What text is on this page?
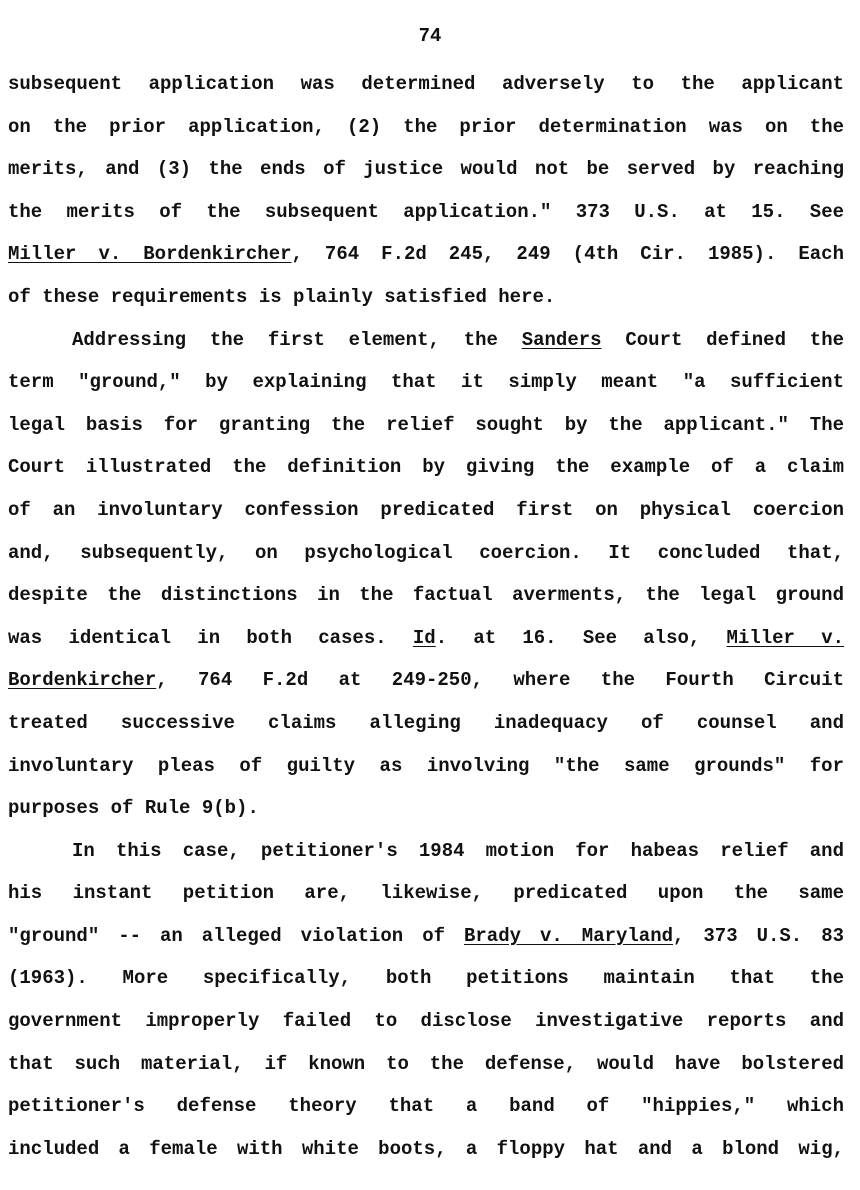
74
subsequent application was determined adversely to the applicant
on the prior application, (2) the prior determination was on the
merits, and (3) the ends of justice would not be served by reaching
the merits of the subsequent application." 373 U.S. at 15. See
Miller v. Bordenkircher, 764 F.2d 245, 249 (4th Cir. 1985). Each
of these requirements is plainly satisfied here.
Addressing the first element, the Sanders Court defined the
term "ground," by explaining that it simply meant "a sufficient
legal basis for granting the relief sought by the applicant." The
Court illustrated the definition by giving the example of a claim
of an involuntary confession predicated first on physical coercion
and, subsequently, on psychological coercion. It concluded that,
despite the distinctions in the factual averments, the legal ground
was identical in both cases. Id. at 16. See also, Miller v.
Bordenkircher, 764 F.2d at 249-250, where the Fourth Circuit
treated successive claims alleging inadequacy of counsel and
involuntary pleas of guilty as involving "the same grounds" for
purposes of Rule 9(b).
In this case, petitioner's 1984 motion for habeas relief and
his instant petition are, likewise, predicated upon the same
"ground" -- an alleged violation of Brady v. Maryland, 373 U.S. 83
(1963). More specifically, both petitions maintain that the
government improperly failed to disclose investigative reports and
that such material, if known to the defense, would have bolstered
petitioner's defense theory that a band of "hippies," which
included a female with white boots, a floppy hat and a blond wig,
